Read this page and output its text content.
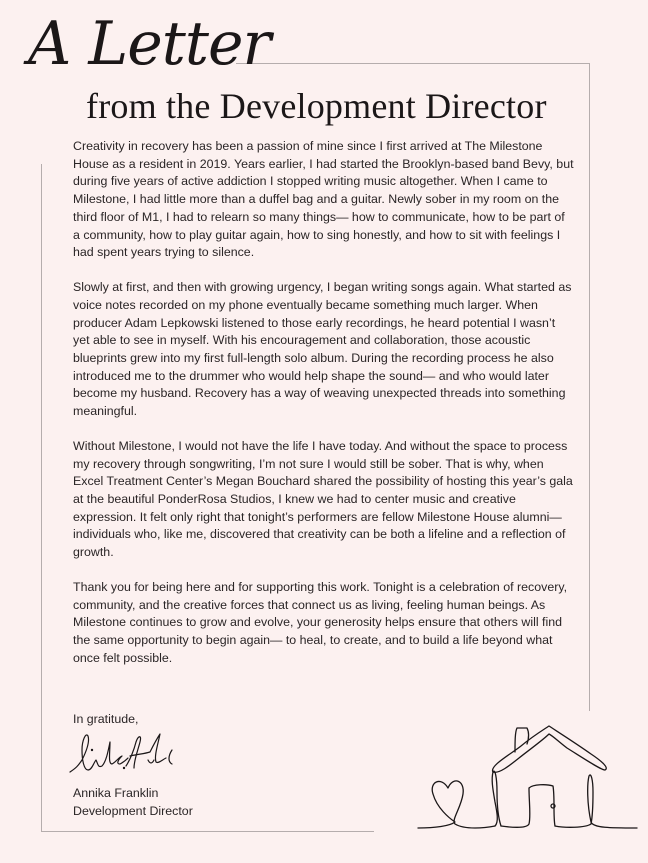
A Letter
from the Development Director

Creativity in recovery has been a passion of mine since I first arrived at The Milestone House as a resident in 2019. Years earlier, I had started the Brooklyn-based band Bevy, but during five years of active addiction I stopped writing music altogether. When I came to Milestone, I had little more than a duffel bag and a guitar. Newly sober in my room on the third floor of M1, I had to relearn so many things— how to communicate, how to be part of a community, how to play guitar again, how to sing honestly, and how to sit with feelings I had spent years trying to silence.

Slowly at first, and then with growing urgency, I began writing songs again. What started as voice notes recorded on my phone eventually became something much larger. When producer Adam Lepkowski listened to those early recordings, he heard potential I wasn’t yet able to see in myself. With his encouragement and collaboration, those acoustic blueprints grew into my first full-length solo album. During the recording process he also introduced me to the drummer who would help shape the sound— and who would later become my husband. Recovery has a way of weaving unexpected threads into something meaningful.

Without Milestone, I would not have the life I have today. And without the space to process my recovery through songwriting, I’m not sure I would still be sober. That is why, when Excel Treatment Center’s Megan Bouchard shared the possibility of hosting this year’s gala at the beautiful PonderRosa Studios, I knew we had to center music and creative expression. It felt only right that tonight’s performers are fellow Milestone House alumni— individuals who, like me, discovered that creativity can be both a lifeline and a reflection of growth.

Thank you for being here and for supporting this work. Tonight is a celebration of recovery, community, and the creative forces that connect us as living, feeling human beings. As Milestone continues to grow and evolve, your generosity helps ensure that others will find the same opportunity to begin again— to heal, to create, and to build a life beyond what once felt possible.

In gratitude,
Annika Franklin
Development Director
